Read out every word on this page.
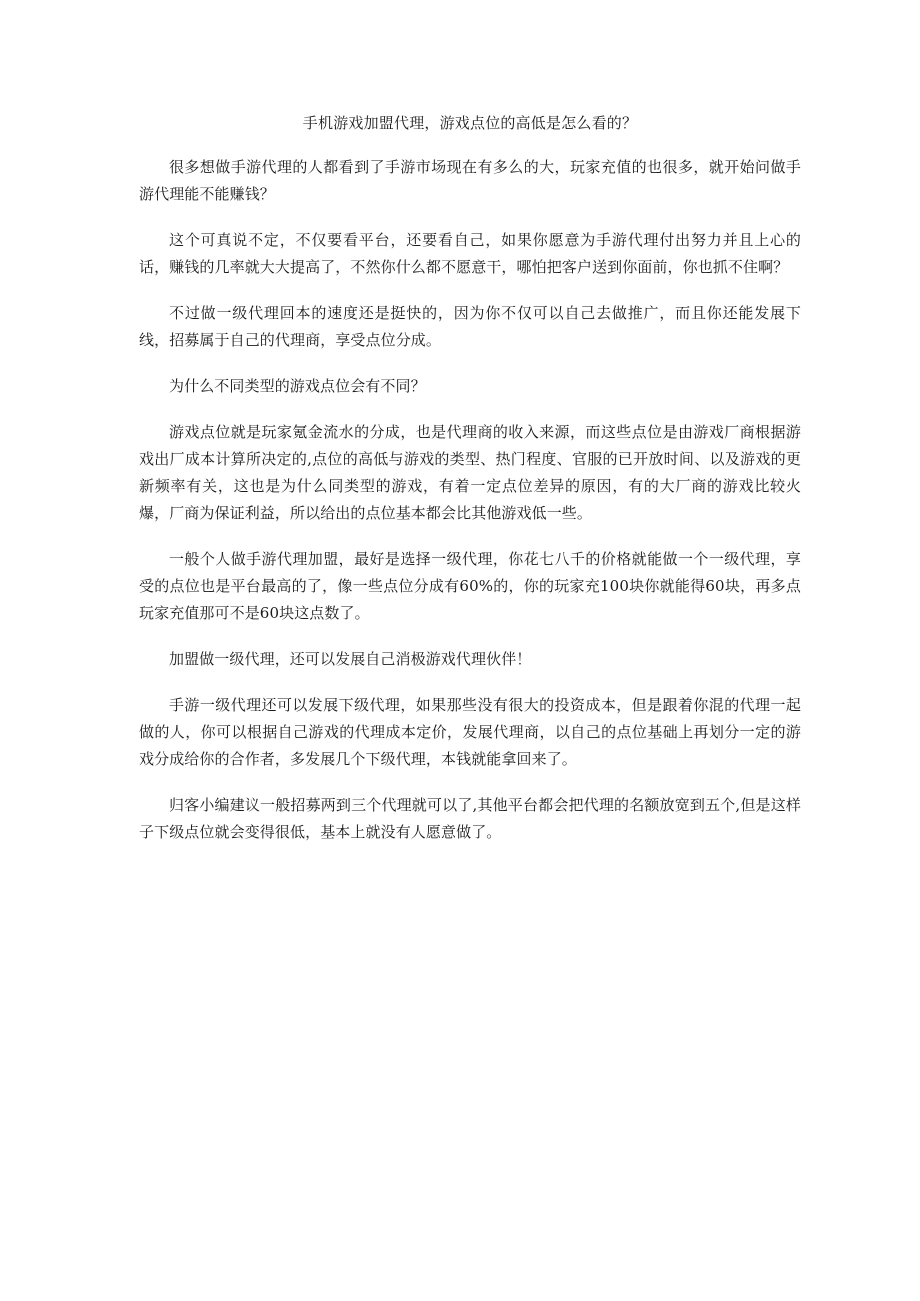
手机游戏加盟代理，游戏点位的高低是怎么看的？

很多想做手游代理的人都看到了手游市场现在有多么的大，玩家充值的也很多，就开始问做手游代理能不能赚钱？

这个可真说不定，不仅要看平台，还要看自己，如果你愿意为手游代理付出努力并且上心的话，赚钱的几率就大大提高了，不然你什么都不愿意干，哪怕把客户送到你面前，你也抓不住啊？

不过做一级代理回本的速度还是挺快的，因为你不仅可以自己去做推广，而且你还能发展下线，招募属于自己的代理商，享受点位分成。

为什么不同类型的游戏点位会有不同？

游戏点位就是玩家氪金流水的分成，也是代理商的收入来源，而这些点位是由游戏厂商根据游戏出厂成本计算所决定的,点位的高低与游戏的类型、热门程度、官服的已开放时间、以及游戏的更新频率有关，这也是为什么同类型的游戏，有着一定点位差异的原因，有的大厂商的游戏比较火爆，厂商为保证利益，所以给出的点位基本都会比其他游戏低一些。

一般个人做手游代理加盟，最好是选择一级代理，你花七八千的价格就能做一个一级代理，享受的点位也是平台最高的了，像一些点位分成有60%的，你的玩家充100块你就能得60块，再多点玩家充值那可不是60块这点数了。

加盟做一级代理，还可以发展自己消极游戏代理伙伴！

手游一级代理还可以发展下级代理，如果那些没有很大的投资成本，但是跟着你混的代理一起做的人，你可以根据自己游戏的代理成本定价，发展代理商，以自己的点位基础上再划分一定的游戏分成给你的合作者，多发展几个下级代理，本钱就能拿回来了。

归客小编建议一般招募两到三个代理就可以了,其他平台都会把代理的名额放宽到五个,但是这样子下级点位就会变得很低，基本上就没有人愿意做了。
